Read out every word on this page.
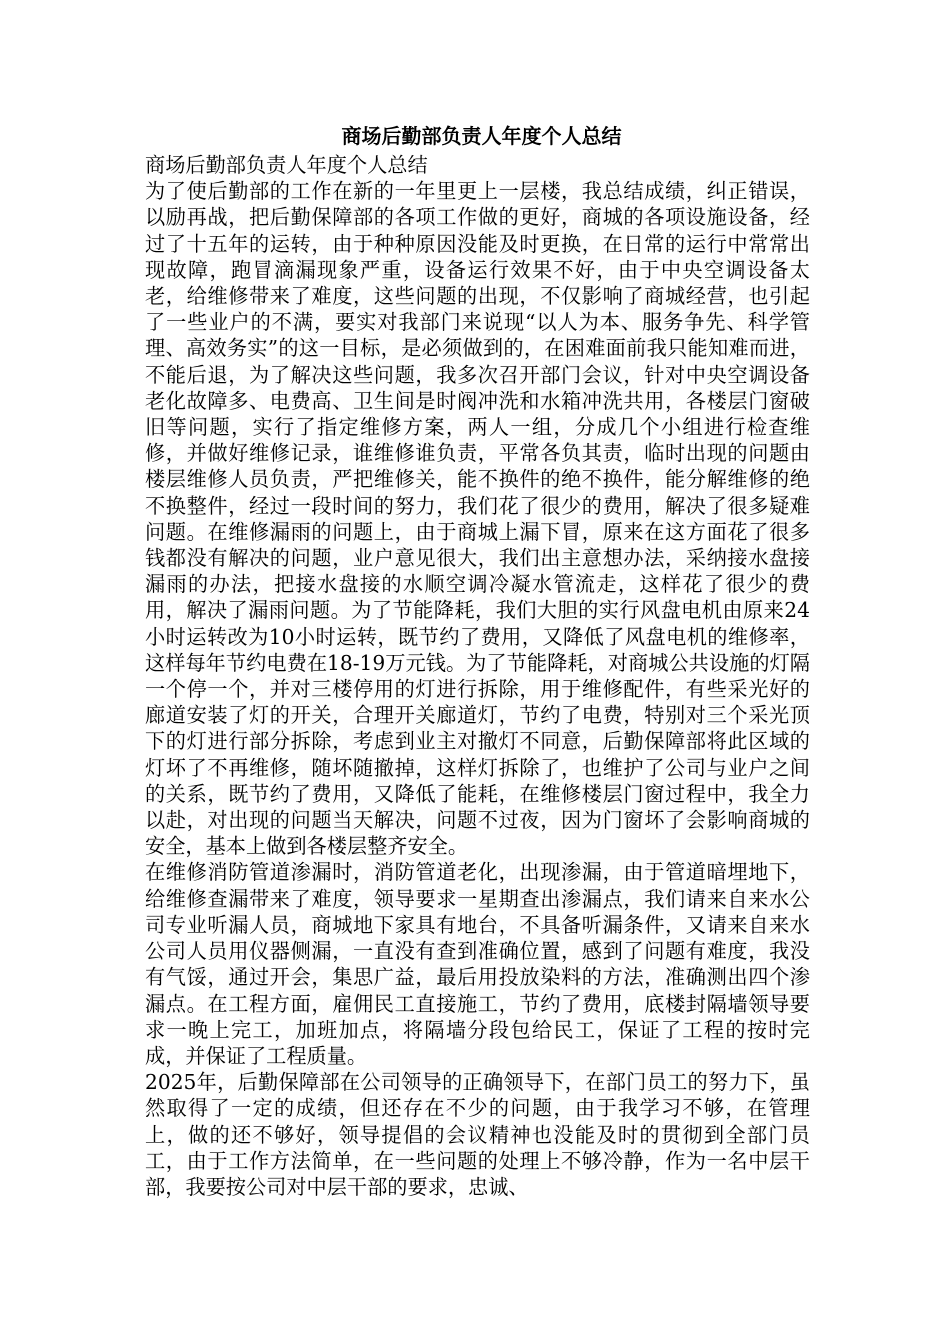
商场后勤部负责人年度个人总结

商场后勤部负责人年度个人总结

为了使后勤部的工作在新的一年里更上一层楼，我总结成绩，纠正错误，以励再战，把后勤保障部的各项工作做的更好，商城的各项设施设备，经过了十五年的运转，由于种种原因没能及时更换，在日常的运行中常常出现故障，跑冒滴漏现象严重，设备运行效果不好，由于中央空调设备太老，给维修带来了难度，这些问题的出现，不仅影响了商城经营，也引起了一些业户的不满，要实对我部门来说现“以人为本、服务争先、科学管理、高效务实”的这一目标，是必须做到的，在困难面前我只能知难而进，不能后退，为了解决这些问题，我多次召开部门会议，针对中央空调设备老化故障多、电费高、卫生间是时阀冲洗和水箱冲洗共用，各楼层门窗破旧等问题，实行了指定维修方案，两人一组，分成几个小组进行检查维修，并做好维修记录，谁维修谁负责，平常各负其责，临时出现的问题由楼层维修人员负责，严把维修关，能不换件的绝不换件，能分解维修的绝不换整件，经过一段时间的努力，我们花了很少的费用，解决了很多疑难问题。在维修漏雨的问题上，由于商城上漏下冒，原来在这方面花了很多钱都没有解决的问题，业户意见很大，我们出主意想办法，采纳接水盘接漏雨的办法，把接水盘接的水顺空调冷凝水管流走，这样花了很少的费用，解决了漏雨问题。为了节能降耗，我们大胆的实行风盘电机由原来24小时运转改为10小时运转，既节约了费用，又降低了风盘电机的维修率，这样每年节约电费在18-19万元钱。为了节能降耗，对商城公共设施的灯隔一个停一个，并对三楼停用的灯进行拆除，用于维修配件，有些采光好的廊道安装了灯的开关，合理开关廊道灯，节约了电费，特别对三个采光顶下的灯进行部分拆除，考虑到业主对撤灯不同意，后勤保障部将此区域的灯坏了不再维修，随坏随撤掉，这样灯拆除了，也维护了公司与业户之间的关系，既节约了费用，又降低了能耗，在维修楼层门窗过程中，我全力以赴，对出现的问题当天解决，问题不过夜，因为门窗坏了会影响商城的安全，基本上做到各楼层整齐安全。

在维修消防管道渗漏时，消防管道老化，出现渗漏，由于管道暗埋地下，给维修查漏带来了难度，领导要求一星期查出渗漏点，我们请来自来水公司专业听漏人员，商城地下家具有地台，不具备听漏条件，又请来自来水公司人员用仪器侧漏，一直没有查到准确位置，感到了问题有难度，我没有气馁，通过开会，集思广益，最后用投放染料的方法，准确测出四个渗漏点。在工程方面，雇佣民工直接施工，节约了费用，底楼封隔墙领导要求一晚上完工，加班加点，将隔墙分段包给民工，保证了工程的按时完成，并保证了工程质量。

2025年，后勤保障部在公司领导的正确领导下，在部门员工的努力下，虽然取得了一定的成绩，但还存在不少的问题，由于我学习不够，在管理上，做的还不够好，领导提倡的会议精神也没能及时的贯彻到全部门员工，由于工作方法简单，在一些问题的处理上不够冷静，作为一名中层干部，我要按公司对中层干部的要求，忠诚、
